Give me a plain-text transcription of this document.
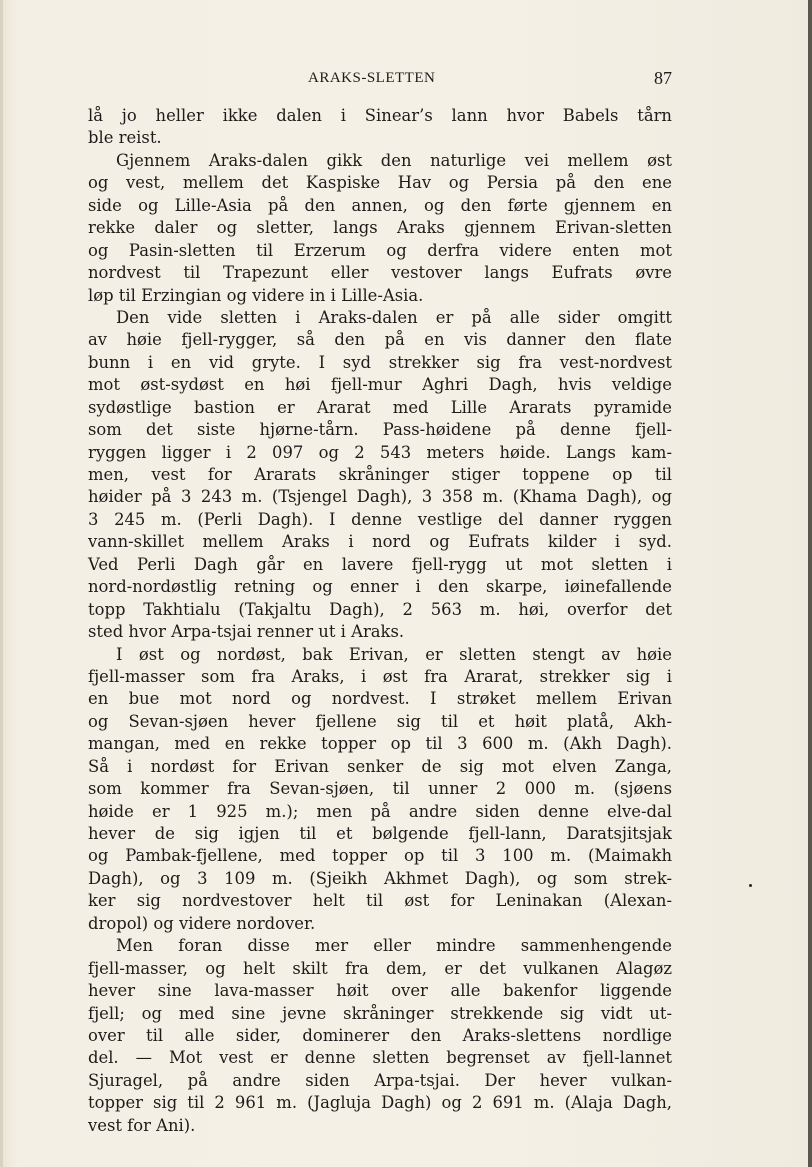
ARAKS-SLETTEN	87
lå jo heller ikke dalen i Sinear’s lann hvor Babels tårn
ble reist.
Gjennem Araks-dalen gikk den naturlige vei mellem øst
og vest, mellem det Kaspiske Hav og Persia på den ene
side og Lille-Asia på den annen, og den førte gjennem en
rekke daler og sletter, langs Araks gjennem Erivan-sletten
og Pasin-sletten til Erzerum og derfra videre enten mot
nordvest til Trapezunt eller vestover langs Eufrats øvre
løp til Erzingian og videre in i Lille-Asia.
Den vide sletten i Araks-dalen er på alle sider omgitt
av høie fjell-rygger, så den på en vis danner den flate
bunn i en vid gryte. I syd strekker sig fra vest-nordvest
mot øst-sydøst en høi fjell-mur Aghri Dagh, hvis veldige
sydøstlige bastion er Ararat med Lille Ararats pyramide
som det siste hjørne-tårn. Pass-høidene på denne fjell-
ryggen ligger i 2 097 og 2 543 meters høide. Langs kam-
men, vest for Ararats skråninger stiger toppene op til
høider på 3 243 m. (Tsjengel Dagh), 3 358 m. (Khama Dagh), og
3 245 m. (Perli Dagh). I denne vestlige del danner ryggen
vann-skillet mellem Araks i nord og Eufrats kilder i syd.
Ved Perli Dagh går en lavere fjell-rygg ut mot sletten i
nord-nordøstlig retning og enner i den skarpe, iøinefallende
topp Takhtialu (Takjaltu Dagh), 2 563 m. høi, overfor det
sted hvor Arpa-tsjai renner ut i Araks.
I øst og nordøst, bak Erivan, er sletten stengt av høie
fjell-masser som fra Araks, i øst fra Ararat, strekker sig i
en bue mot nord og nordvest. I strøket mellem Erivan
og Sevan-sjøen hever fjellene sig til et høit platå, Akh-
mangan, med en rekke topper op til 3 600 m. (Akh Dagh).
Så i nordøst for Erivan senker de sig mot elven Zanga,
som kommer fra Sevan-sjøen, til unner 2 000 m. (sjøens
høide er 1 925 m.); men på andre siden denne elve-dal
hever de sig igjen til et bølgende fjell-lann, Daratsjitsjak
og Pambak-fjellene, med topper op til 3 100 m. (Maimakh
Dagh), og 3 109 m. (Sjeikh Akhmet Dagh), og som strek-
ker sig nordvestover helt til øst for Leninakan (Alexan-
dropol) og videre nordover.
Men foran disse mer eller mindre sammenhengende
fjell-masser, og helt skilt fra dem, er det vulkanen Alagøz
hever sine lava-masser høit over alle bakenfor liggende
fjell; og med sine jevne skråninger strekkende sig vidt ut-
over til alle sider, dominerer den Araks-slettens nordlige
del. — Mot vest er denne sletten begrenset av fjell-lannet
Sjuragel, på andre siden Arpa-tsjai. Der hever vulkan-
topper sig til 2 961 m. (Jagluja Dagh) og 2 691 m. (Alaja Dagh,
vest for Ani).
